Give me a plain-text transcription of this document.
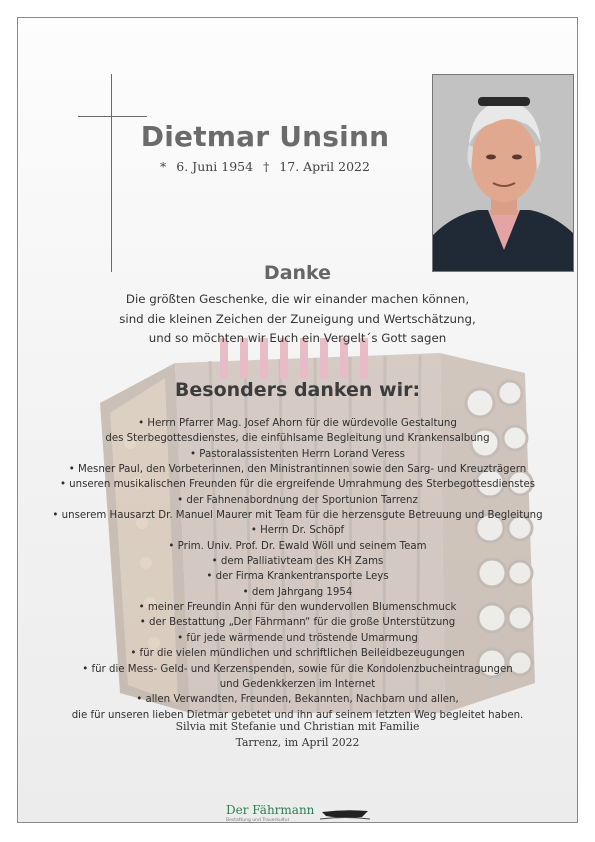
Dietmar Unsinn
* 6. Juni 1954 † 17. April 2022
Danke
Die größten Geschenke, die wir einander machen können,
sind die kleinen Zeichen der Zuneigung und Wertschätzung,
und so möchten wir Euch ein Vergelt´s Gott sagen
Besonders danken wir:
• Herrn Pfarrer Mag. Josef Ahorn für die würdevolle Gestaltung
des Sterbegottesdienstes, die einfühlsame Begleitung und Krankensalbung
• Pastoralassistenten Herrn Lorand Veress
• Mesner Paul, den Vorbeterinnen, den Ministrantinnen sowie den Sarg- und Kreuzträgern
• unseren musikalischen Freunden für die ergreifende Umrahmung des Sterbegottesdienstes
• der Fahnenabordnung der Sportunion Tarrenz
• unserem Hausarzt Dr. Manuel Maurer mit Team für die herzensgute Betreuung und Begleitung
• Herrn Dr. Schöpf
• Prim. Univ. Prof. Dr. Ewald Wöll und seinem Team
• dem Palliativteam des KH Zams
• der Firma Krankentransporte Leys
• dem Jahrgang 1954
• meiner Freundin Anni für den wundervollen Blumenschmuck
• der Bestattung „Der Fährmann“ für die große Unterstützung
• für jede wärmende und tröstende Umarmung
• für die vielen mündlichen und schriftlichen Beileidbezeugungen
• für die Mess- Geld- und Kerzenspenden, sowie für die Kondolenzbucheintragungen
und Gedenkkerzen im Internet
• allen Verwandten, Freunden, Bekannten, Nachbarn und allen,
die für unseren lieben Dietmar gebetet und ihn auf seinem letzten Weg begleitet haben.
Silvia mit Stefanie und Christian mit Familie
Tarrenz, im April 2022
Der Fährmann
Bestattung und Trauerkultur
